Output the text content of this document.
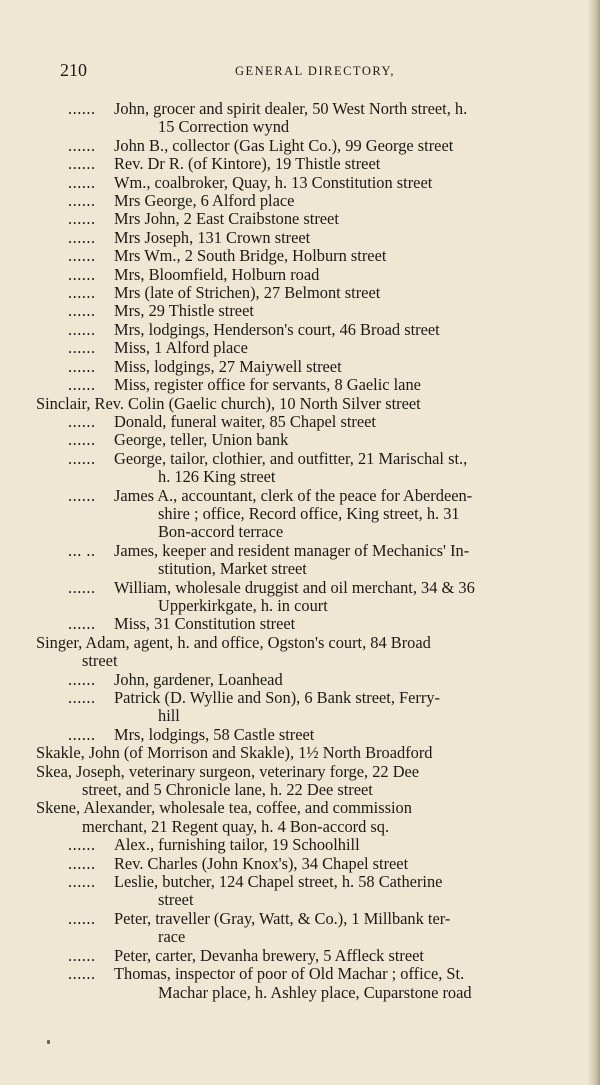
210	GENERAL DIRECTORY,
...... John, grocer and spirit dealer, 50 West North street, h.
15 Correction wynd
...... John B., collector (Gas Light Co.), 99 George street
...... Rev. Dr R. (of Kintore), 19 Thistle street
...... Wm., coalbroker, Quay, h. 13 Constitution street
...... Mrs George, 6 Alford place
...... Mrs John, 2 East Craibstone street
...... Mrs Joseph, 131 Crown street
...... Mrs Wm., 2 South Bridge, Holburn street
...... Mrs, Bloomfield, Holburn road
...... Mrs (late of Strichen), 27 Belmont street
...... Mrs, 29 Thistle street
...... Mrs, lodgings, Henderson's court, 46 Broad street
...... Miss, 1 Alford place
...... Miss, lodgings, 27 Maiywell street
...... Miss, register office for servants, 8 Gaelic lane
Sinclair, Rev. Colin (Gaelic church), 10 North Silver street
...... Donald, funeral waiter, 85 Chapel street
...... George, teller, Union bank
...... George, tailor, clothier, and outfitter, 21 Marischal st.,
h. 126 King street
...... James A., accountant, clerk of the peace for Aberdeen-
shire ; office, Record office, King street, h. 31
Bon-accord terrace
... .. James, keeper and resident manager of Mechanics' In-
stitution, Market street
...... William, wholesale druggist and oil merchant, 34 & 36
Upperkirkgate, h. in court
...... Miss, 31 Constitution street
Singer, Adam, agent, h. and office, Ogston's court, 84 Broad
street
...... John, gardener, Loanhead
...... Patrick (D. Wyllie and Son), 6 Bank street, Ferry-
hill
...... Mrs, lodgings, 58 Castle street
Skakle, John (of Morrison and Skakle), 1½ North Broadford
Skea, Joseph, veterinary surgeon, veterinary forge, 22 Dee
street, and 5 Chronicle lane, h. 22 Dee street
Skene, Alexander, wholesale tea, coffee, and commission
merchant, 21 Regent quay, h. 4 Bon-accord sq.
...... Alex., furnishing tailor, 19 Schoolhill
...... Rev. Charles (John Knox's), 34 Chapel street
...... Leslie, butcher, 124 Chapel street, h. 58 Catherine
street
...... Peter, traveller (Gray, Watt, & Co.), 1 Millbank ter-
race
...... Peter, carter, Devanha brewery, 5 Affleck street
...... Thomas, inspector of poor of Old Machar ; office, St.
Machar place, h. Ashley place, Cuparstone road
